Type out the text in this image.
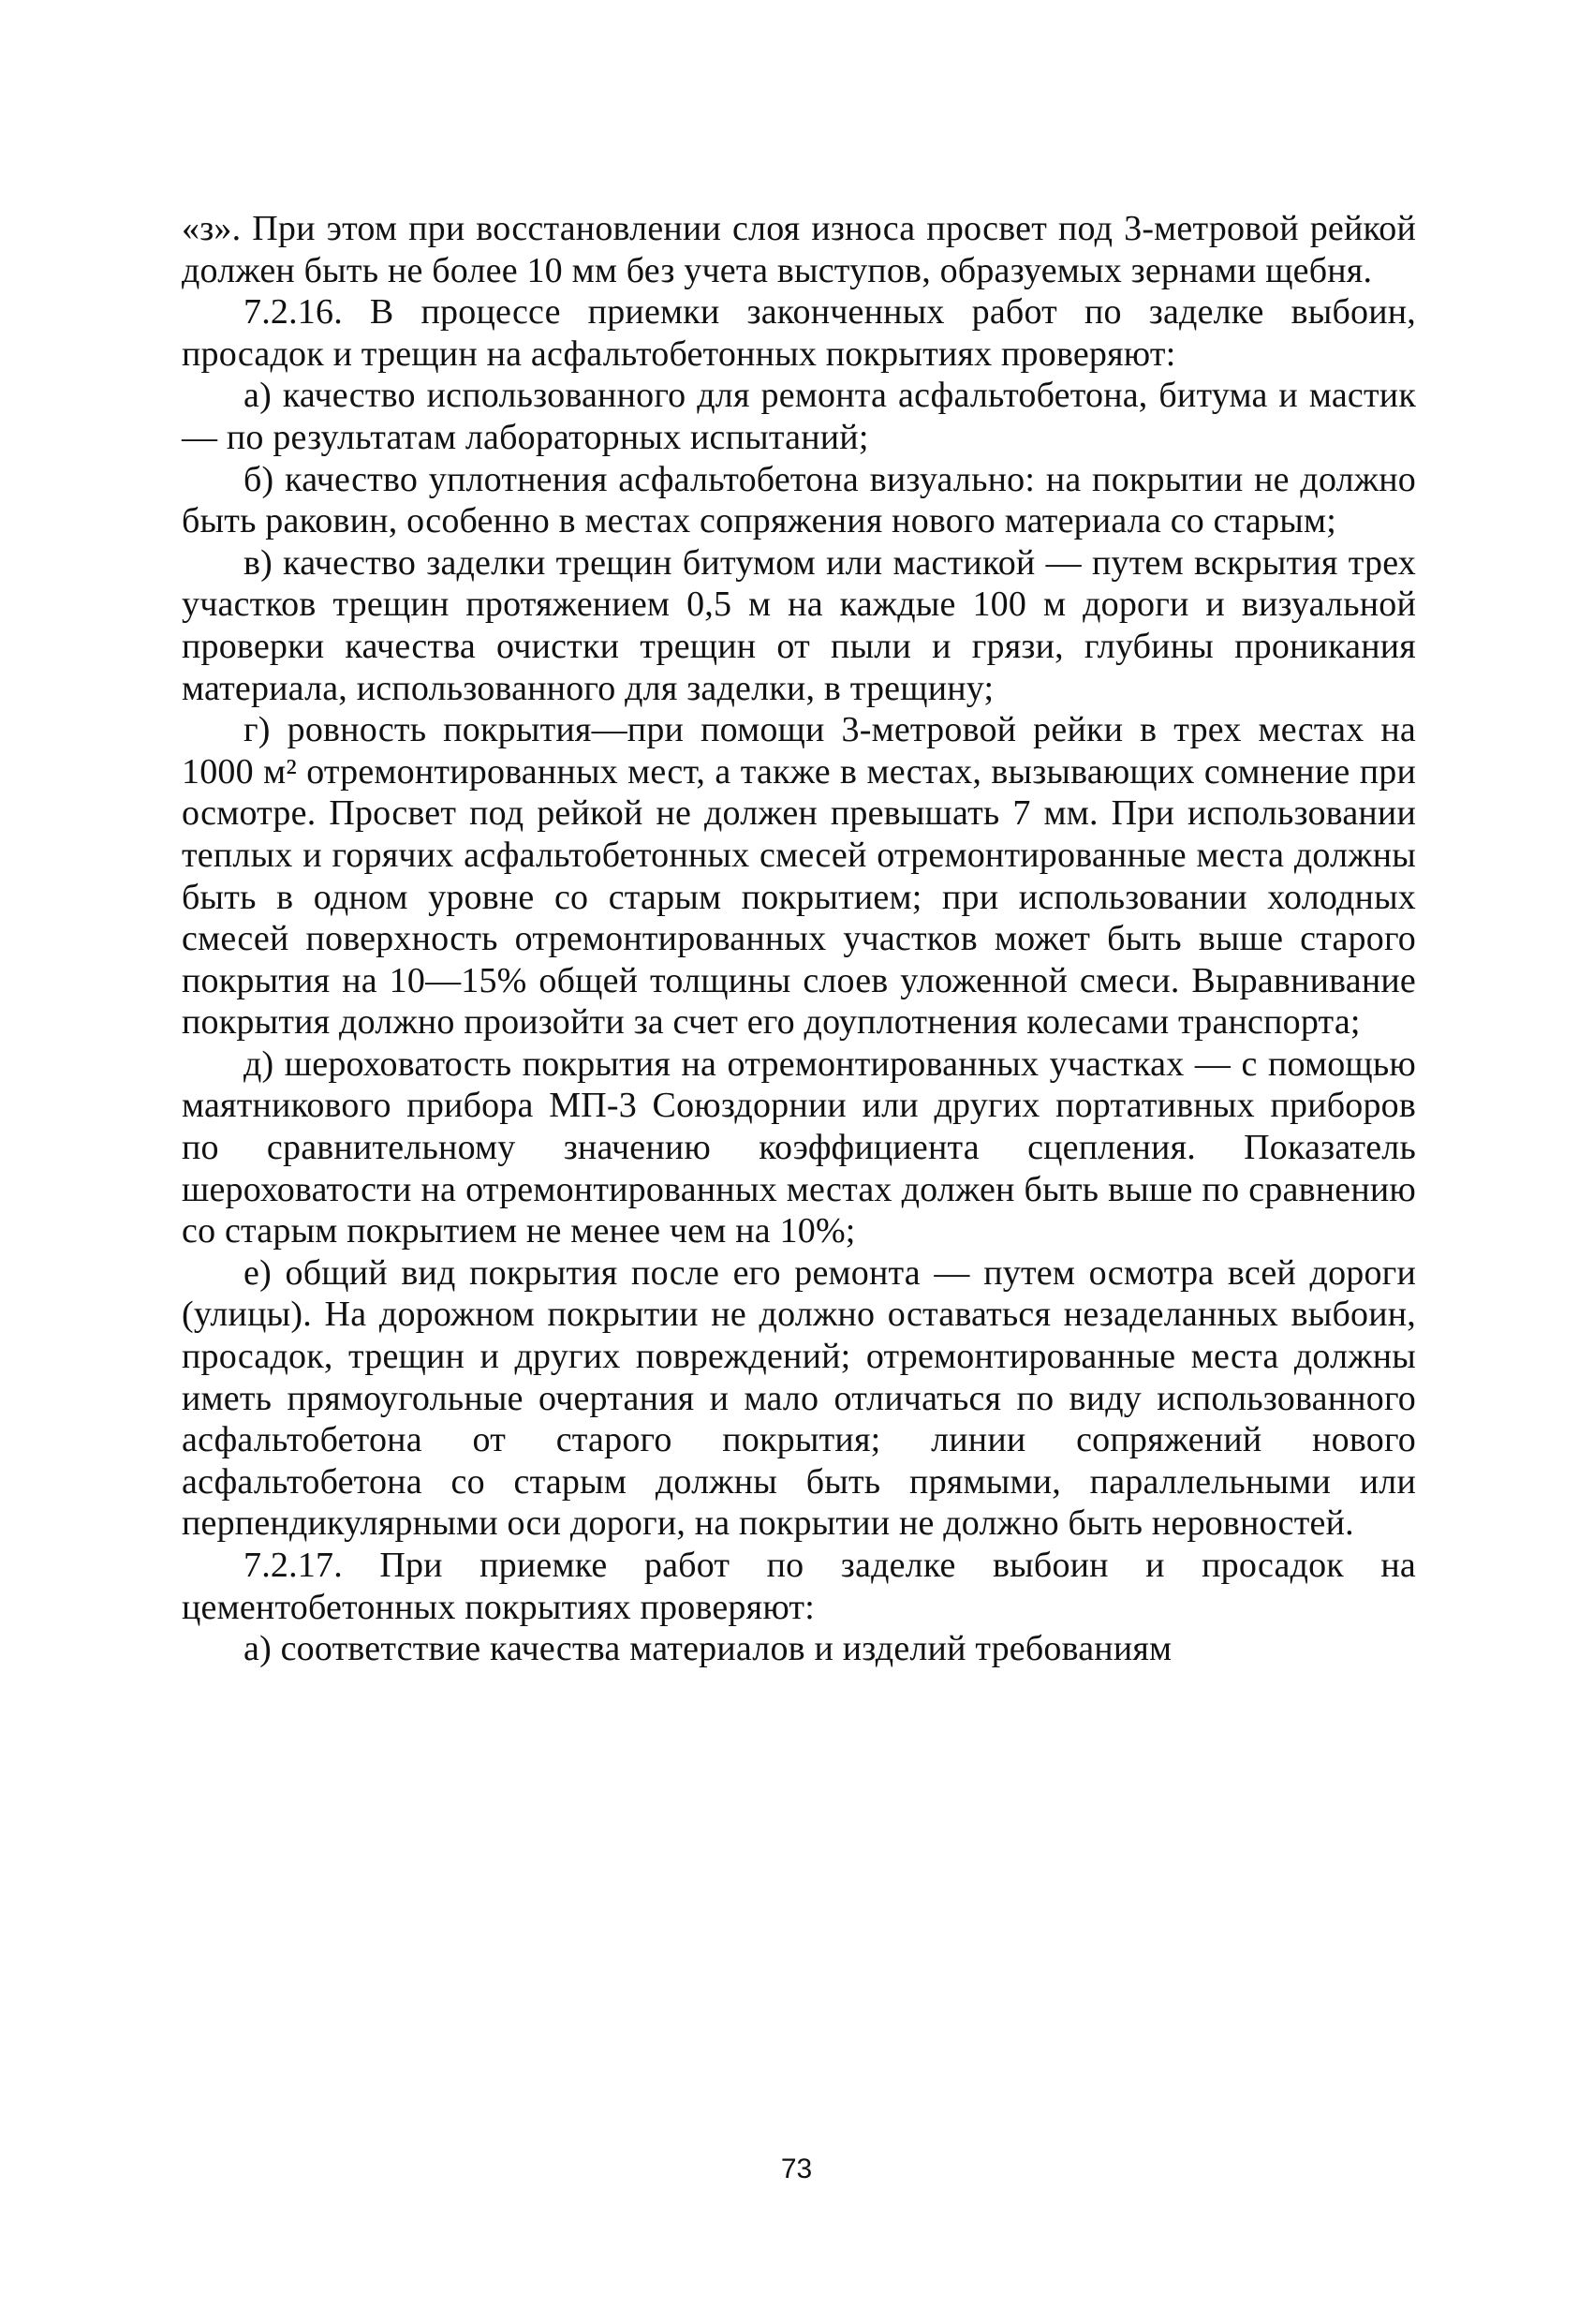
«з». При этом при восстановлении слоя износа просвет под 3-метровой рейкой должен быть не более 10 мм без учета выступов, образуемых зернами щебня.

7.2.16. В процессе приемки законченных работ по заделке выбоин, просадок и трещин на асфальтобетонных покрытиях проверяют:

а) качество использованного для ремонта асфальтобетона, битума и мастик — по результатам лабораторных испытаний;

б) качество уплотнения асфальтобетона визуально: на покрытии не должно быть раковин, особенно в местах сопряжения нового материала со старым;

в) качество заделки трещин битумом или мастикой — путем вскрытия трех участков трещин протяжением 0,5 м на каждые 100 м дороги и визуальной проверки качества очистки трещин от пыли и грязи, глубины проникания материала, использованного для заделки, в трещину;

г) ровность покрытия—при помощи 3-метровой рейки в трех местах на 1000 м² отремонтированных мест, а также в местах, вызывающих сомнение при осмотре. Просвет под рейкой не должен превышать 7 мм. При использовании теплых и горячих асфальтобетонных смесей отремонтированные места должны быть в одном уровне со старым покрытием; при использовании холодных смесей поверхность отремонтированных участков может быть выше старого покрытия на 10—15% общей толщины слоев уложенной смеси. Выравнивание покрытия должно произойти за счет его доуплотнения колесами транспорта;

д) шероховатость покрытия на отремонтированных участках — с помощью маятникового прибора МП-3 Союздорнии или других портативных приборов по сравнительному значению коэффициента сцепления. Показатель шероховатости на отремонтированных местах должен быть выше по сравнению со старым покрытием не менее чем на 10%;

е) общий вид покрытия после его ремонта — путем осмотра всей дороги (улицы). На дорожном покрытии не должно оставаться незаделанных выбоин, просадок, трещин и других повреждений; отремонтированные места должны иметь прямоугольные очертания и мало отличаться по виду использованного асфальтобетона от старого покрытия; линии сопряжений нового асфальтобетона со старым должны быть прямыми, параллельными или перпендикулярными оси дороги, на покрытии не должно быть неровностей.

7.2.17. При приемке работ по заделке выбоин и просадок на цементобетонных покрытиях проверяют:

а) соответствие качества материалов и изделий требованиям

73
